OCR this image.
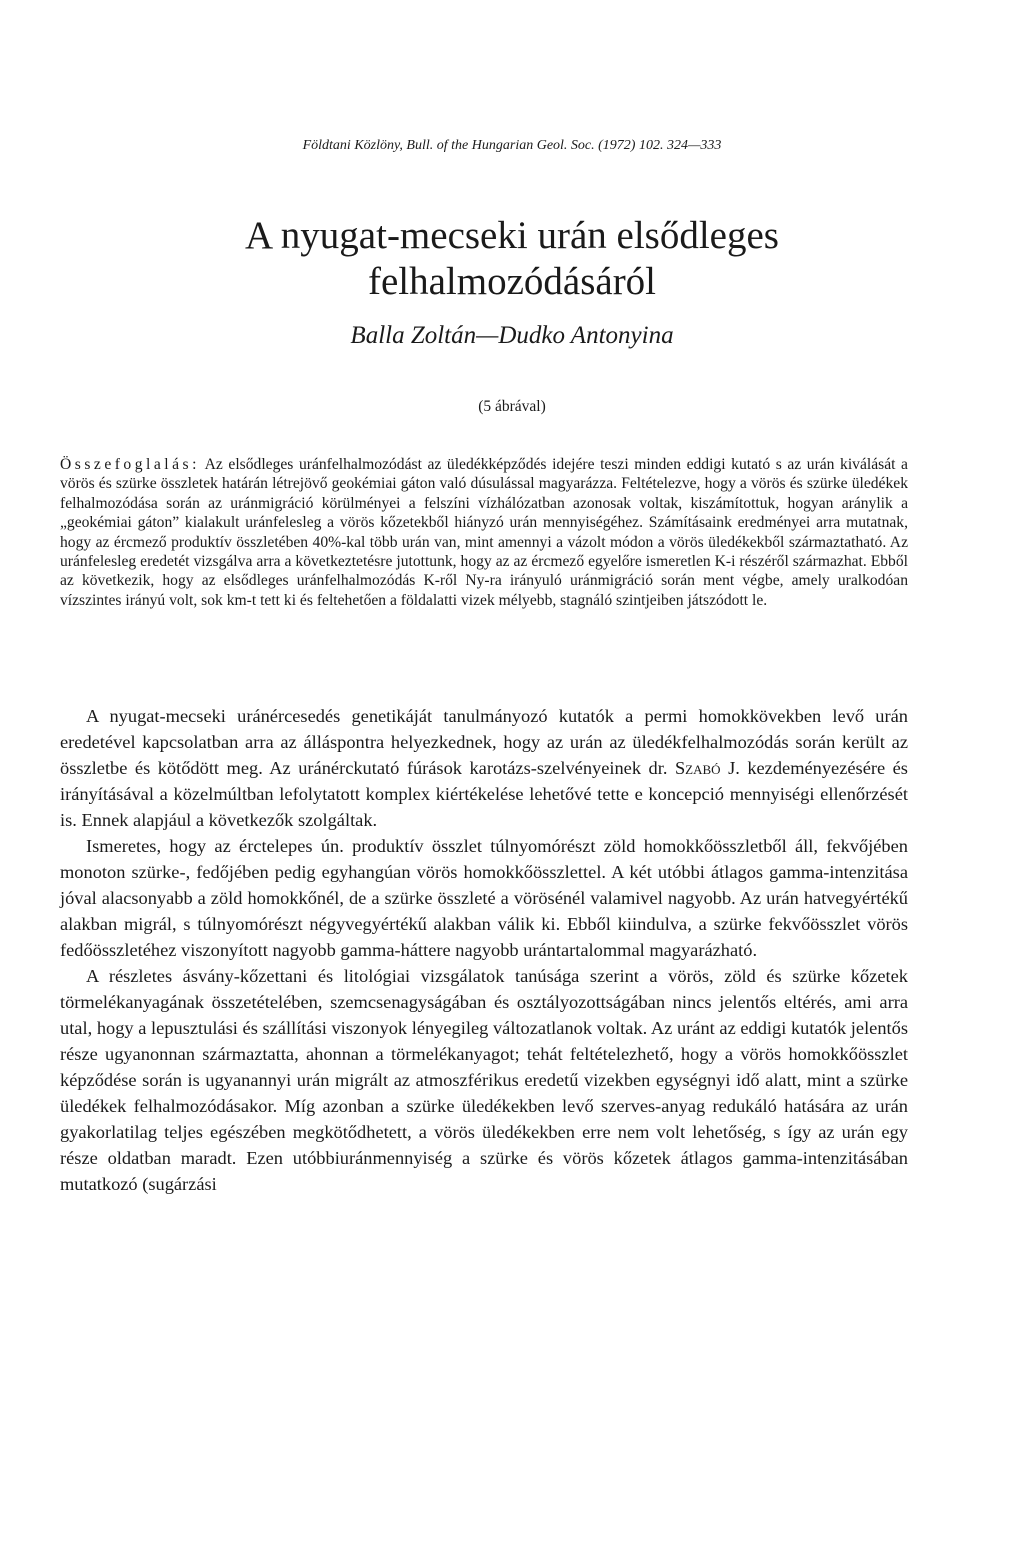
Földtani Közlöny, Bull. of the Hungarian Geol. Soc. (1972) 102. 324—333
A nyugat-mecseki urán elsődleges
felhalmozódásáról
Balla Zoltán—Dudko Antonyina
(5 ábrával)
Összefoglalás: Az elsődleges uránfelhalmozódást az üledékképződés idejére teszi minden eddigi kutató s az urán kiválását a vörös és szürke összletek határán létrejövő geokémiai gáton való dúsulással magyarázza. Feltételezve, hogy a vörös és szürke üledékek felhalmozódása során az uránmigráció körülményei a felszíni vízhálózatban azonosak voltak, kiszámítottuk, hogyan aránylik a „geokémiai gáton” kialakult uránfelesleg a vörös kőzetekből hiányzó urán mennyiségéhez. Számításaink eredményei arra mutatnak, hogy az ércmező produktív összletében 40%-kal több urán van, mint amennyi a vázolt módon a vörös üledékekből származtatható. Az uránfelesleg eredetét vizsgálva arra a következtetésre jutottunk, hogy az az ércmező egyelőre ismeretlen K-i részéről származhat. Ebből az következik, hogy az elsődleges uránfelhalmozódás K-ről Ny-ra irányuló uránmigráció során ment végbe, amely uralkodóan vízszintes irányú volt, sok km-t tett ki és feltehetően a földalatti vizek mélyebb, stagnáló szintjeiben játszódott le.

A nyugat-mecseki uránércesedés genetikáját tanulmányozó kutatók a permi homokkövekben levő urán eredetével kapcsolatban arra az álláspontra helyezkednek, hogy az urán az üledékfelhalmozódás során került az összletbe és kötődött meg. Az uránérckutató fúrások karotázs-szelvényeinek dr. Szabó J. kezdeményezésére és irányításával a közelmúltban lefolytatott komplex kiértékelése lehetővé tette e koncepció mennyiségi ellenőrzését is. Ennek alapjául a következők szolgáltak.

Ismeretes, hogy az érctelepes ún. produktív összlet túlnyomórészt zöld homokkőösszletből áll, fekvőjében monoton szürke-, fedőjében pedig egyhangúan vörös homokkőösszlettel. A két utóbbi átlagos gamma-intenzitása jóval alacsonyabb a zöld homokkőnél, de a szürke összleté a vörösénél valamivel nagyobb. Az urán hatvegyértékű alakban migrál, s túlnyomórészt négyvegyértékű alakban válik ki. Ebből kiindulva, a szürke fekvőösszlet vörös fedőösszletéhez viszonyított nagyobb gamma-háttere nagyobb urántartalommal magyarázható.

A részletes ásvány-kőzettani és litológiai vizsgálatok tanúsága szerint a vörös, zöld és szürke kőzetek törmelékanyagának összetételében, szemcsenagyságában és osztályozottságában nincs jelentős eltérés, ami arra utal, hogy a lepusztulási és szállítási viszonyok lényegileg változatlanok voltak. Az uránt az eddigi kutatók jelentős része ugyanonnan származtatta, ahonnan a törmelékanyagot; tehát feltételezhető, hogy a vörös homokkőösszlet képződése során is ugyanannyi urán migrált az atmoszférikus eredetű vizekben egységnyi idő alatt, mint a szürke üledékek felhalmozódásakor. Míg azonban a szürke üledékekben levő szerves-anyag redukáló hatására az urán gyakorlatilag teljes egészében megkötődhetett, a vörös üledékekben erre nem volt lehetőség, s így az urán egy része oldatban maradt. Ezen utóbbiuránmennyiség a szürke és vörös kőzetek átlagos gamma-intenzitásában mutatkozó (sugárzási
